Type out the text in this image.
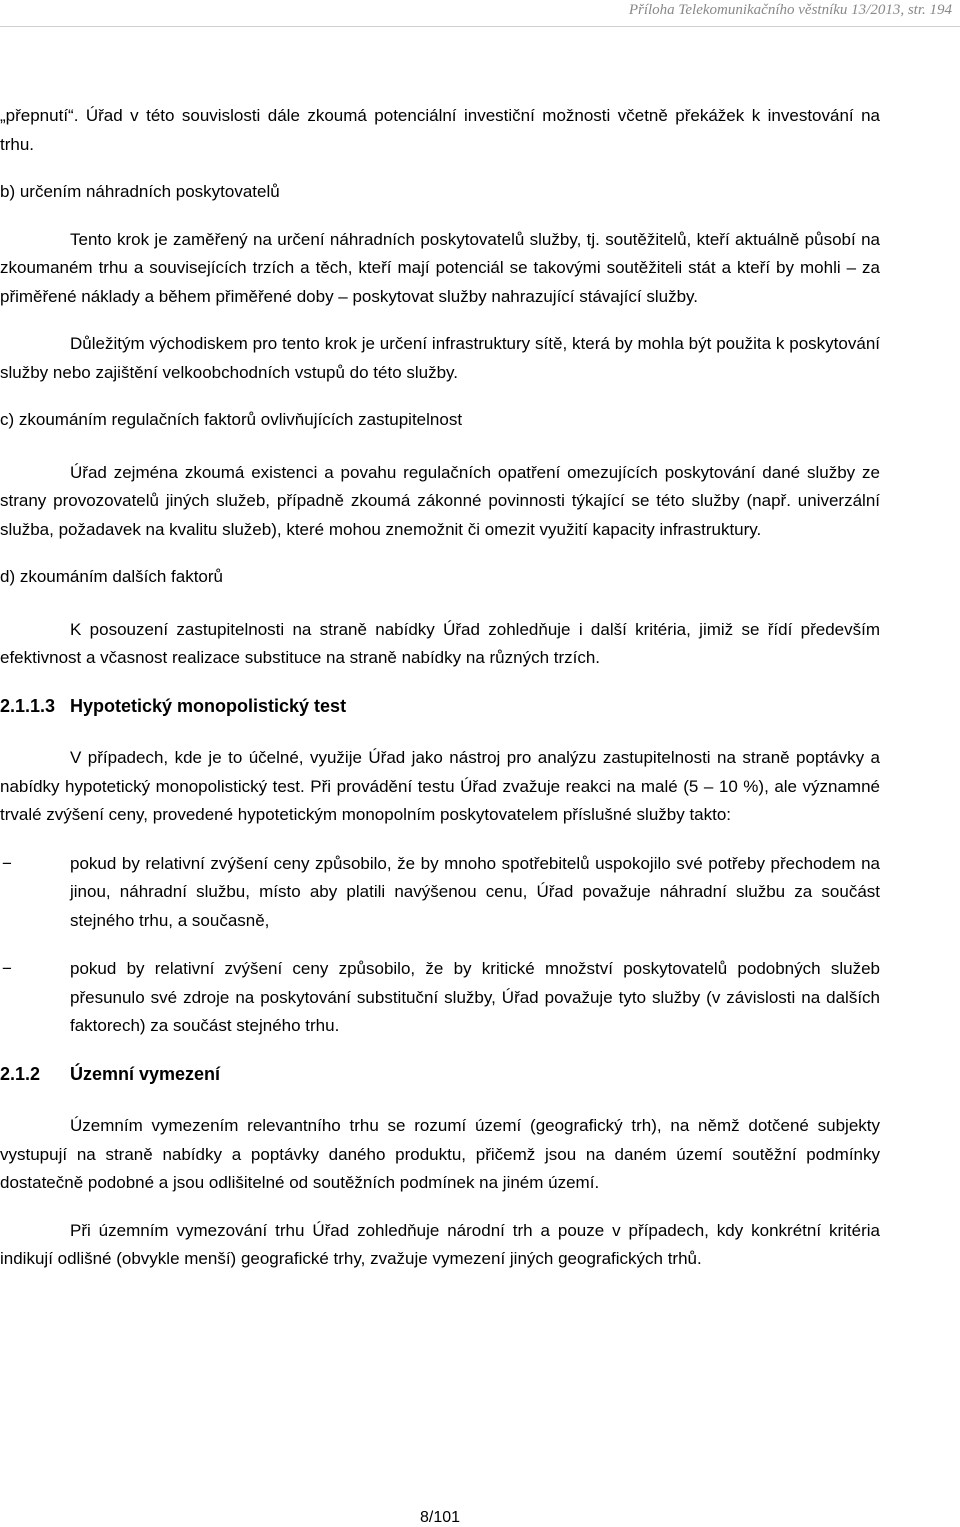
Příloha Telekomunikačního věstníku 13/2013, str. 194

„přepnutí“. Úřad v této souvislosti dále zkoumá potenciální investiční možnosti včetně překážek k investování na trhu.

b) určením náhradních poskytovatelů

Tento krok je zaměřený na určení náhradních poskytovatelů služby, tj. soutěžitelů, kteří aktuálně působí na zkoumaném trhu a souvisejících trzích a těch, kteří mají potenciál se takovými soutěžiteli stát a kteří by mohli – za přiměřené náklady a během přiměřené doby – poskytovat služby nahrazující stávající služby.

Důležitým východiskem pro tento krok je určení infrastruktury sítě, která by mohla být použita k poskytování služby nebo zajištění velkoobchodních vstupů do této služby.

c) zkoumáním regulačních faktorů ovlivňujících zastupitelnost

Úřad zejména zkoumá existenci a povahu regulačních opatření omezujících poskytování dané služby ze strany provozovatelů jiných služeb, případně zkoumá zákonné povinnosti týkající se této služby (např. univerzální služba, požadavek na kvalitu služeb), které mohou znemožnit či omezit využití kapacity infrastruktury.

d) zkoumáním dalších faktorů

K posouzení zastupitelnosti na straně nabídky Úřad zohledňuje i další kritéria, jimiž se řídí především efektivnost a včasnost realizace substituce na straně nabídky na různých trzích.

2.1.1.3 Hypotetický monopolistický test

V případech, kde je to účelné, využije Úřad jako nástroj pro analýzu zastupitelnosti na straně poptávky a nabídky hypotetický monopolistický test. Při provádění testu Úřad zvažuje reakci na malé (5 – 10 %), ale významné trvalé zvýšení ceny, provedené hypotetickým monopolním poskytovatelem příslušné služby takto:

−	pokud by relativní zvýšení ceny způsobilo, že by mnoho spotřebitelů uspokojilo své potřeby přechodem na jinou, náhradní službu, místo aby platili navýšenou cenu, Úřad považuje náhradní službu za součást stejného trhu, a současně,
−	pokud by relativní zvýšení ceny způsobilo, že by kritické množství poskytovatelů podobných služeb přesunulo své zdroje na poskytování substituční služby, Úřad považuje tyto služby (v závislosti na dalších faktorech) za součást stejného trhu.

2.1.2 Územní vymezení

Územním vymezením relevantního trhu se rozumí území (geografický trh), na němž dotčené subjekty vystupují na straně nabídky a poptávky daného produktu, přičemž jsou na daném území soutěžní podmínky dostatečně podobné a jsou odlišitelné od soutěžních podmínek na jiném území.

Při územním vymezování trhu Úřad zohledňuje národní trh a pouze v případech, kdy konkrétní kritéria indikují odlišné (obvykle menší) geografické trhy, zvažuje vymezení jiných geografických trhů.

8/101
